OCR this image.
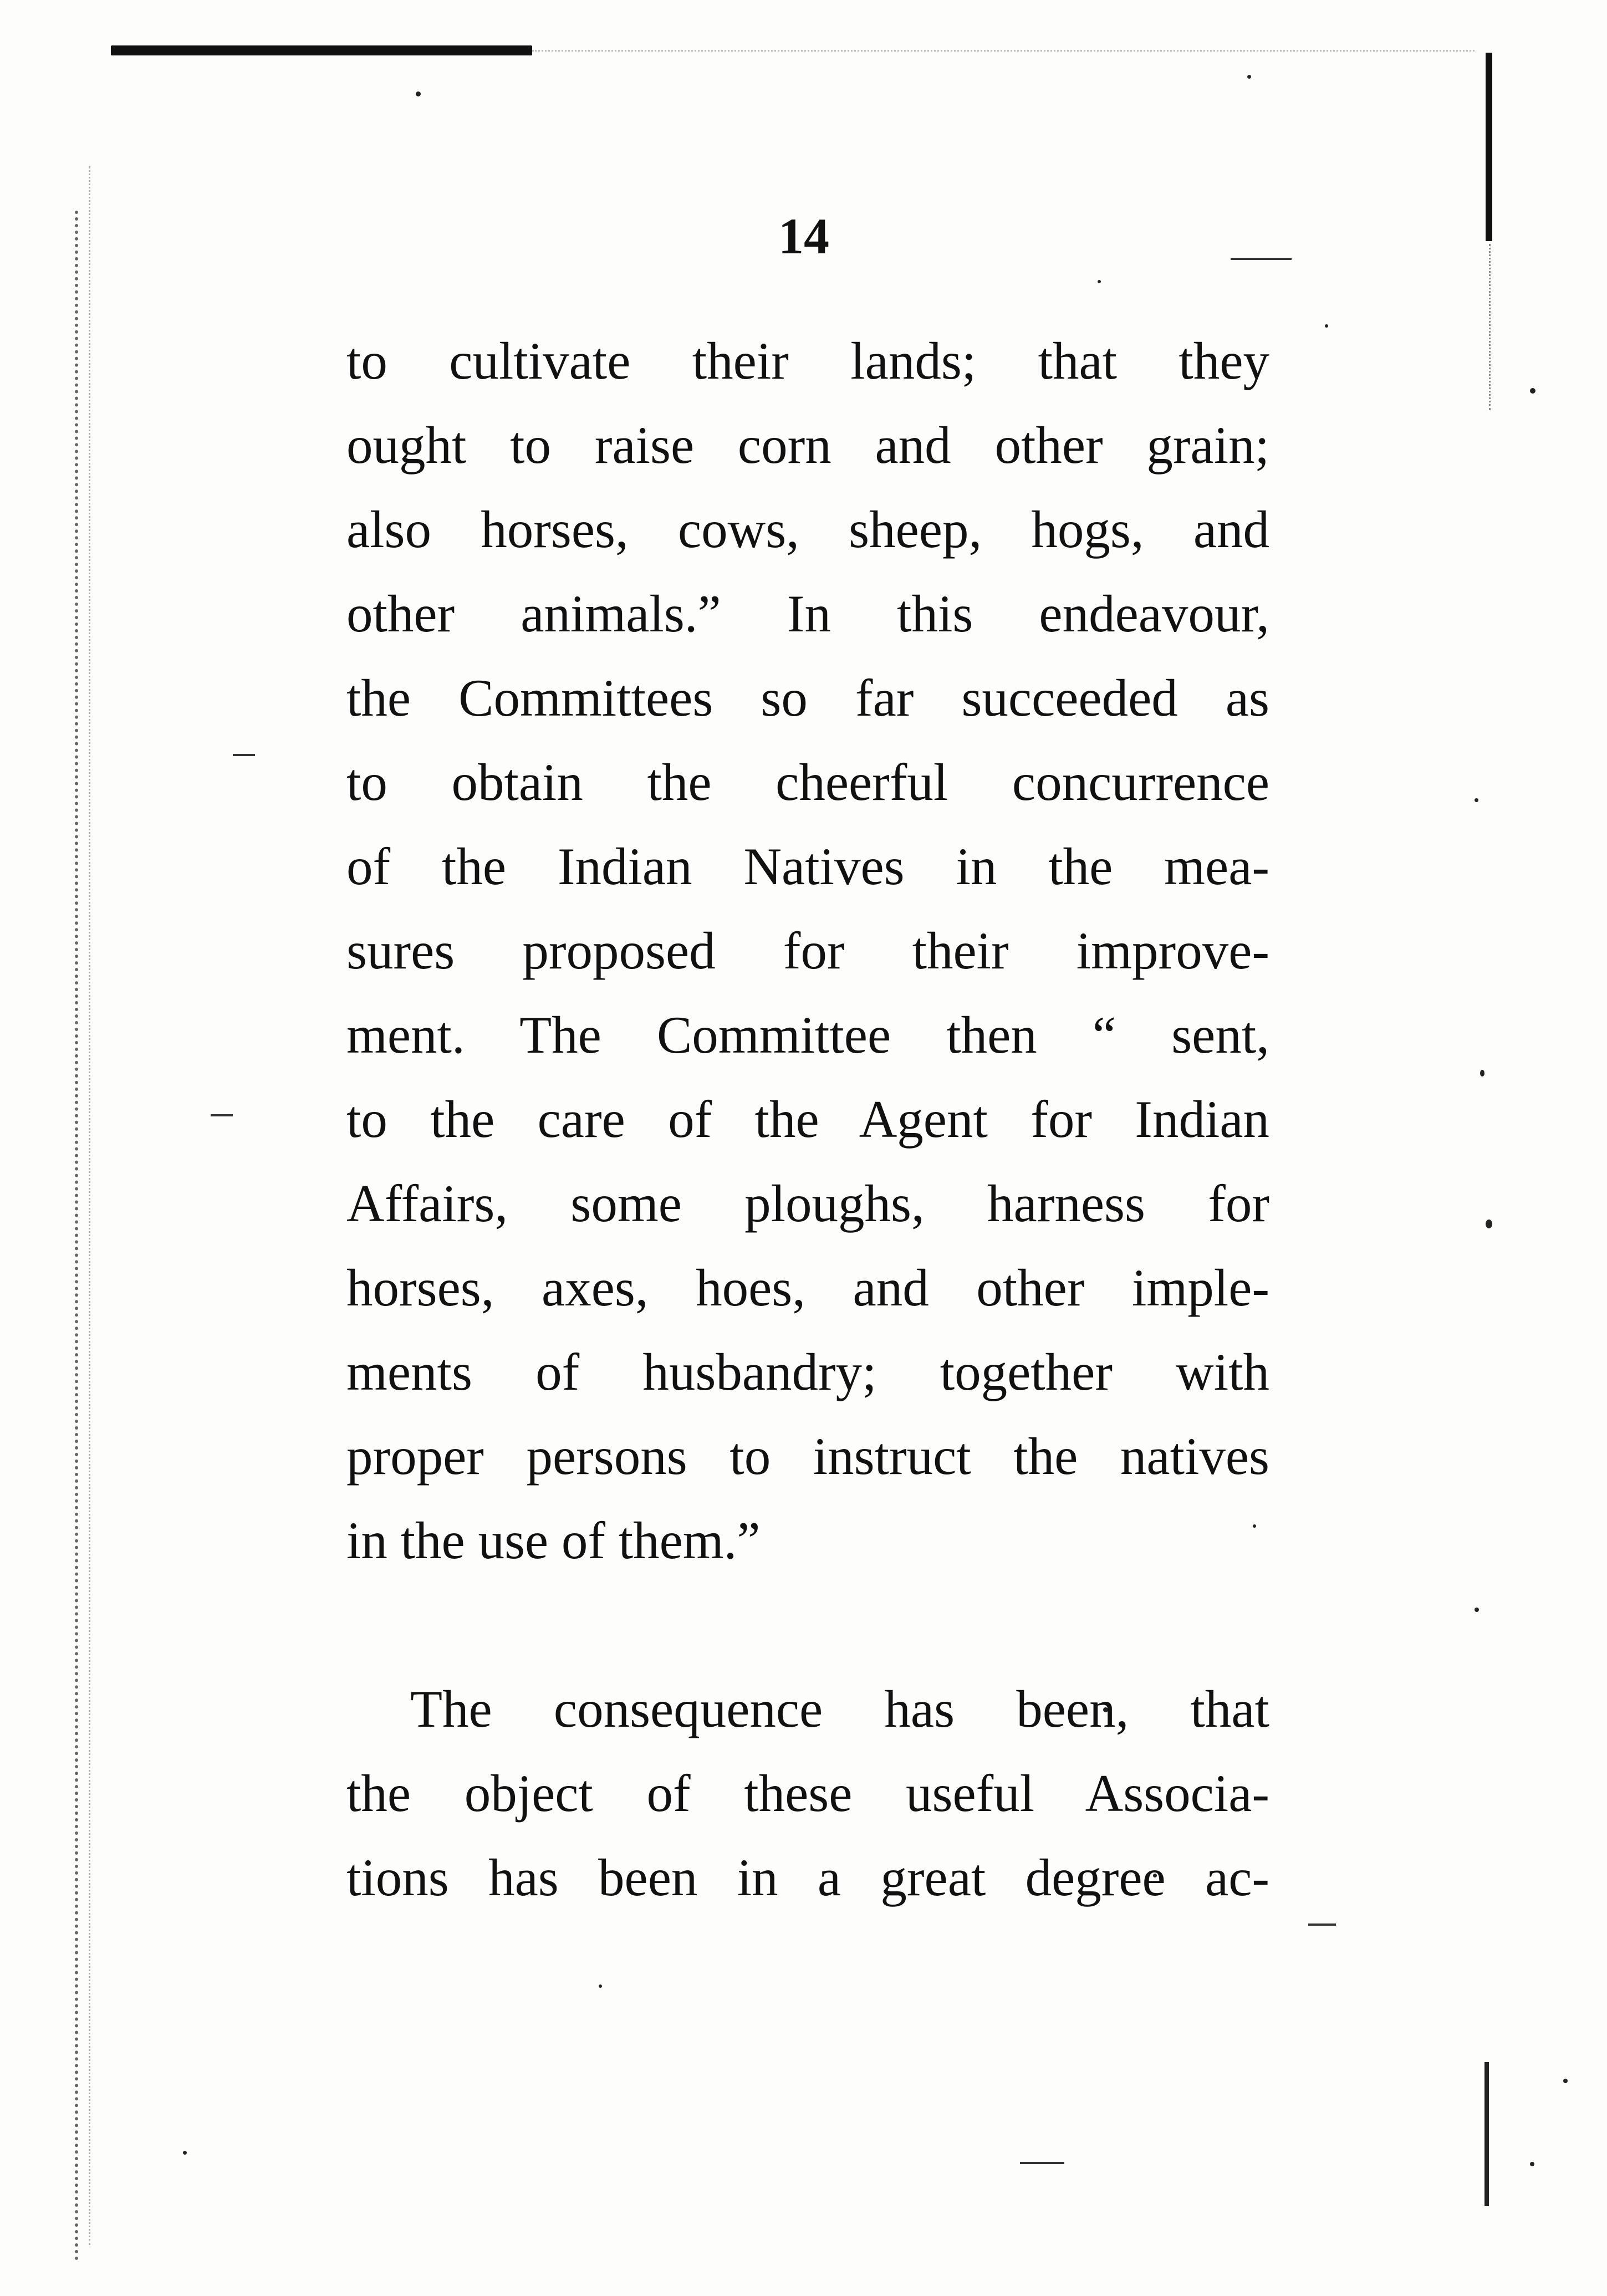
14
to cultivate their lands; that they
ought to raise corn and other grain;
also horses, cows, sheep, hogs, and
other animals.” In this endeavour,
the Committees so far succeeded as
to obtain the cheerful concurrence
of the Indian Natives in the mea-
sures proposed for their improve-
ment. The Committee then “ sent,
to the care of the Agent for Indian
Affairs, some ploughs, harness for
horses, axes, hoes, and other imple-
ments of husbandry; together with
proper persons to instruct the natives
in the use of them.”
The consequence has been, that
the object of these useful Associa-
tions has been in a great degree ac-
